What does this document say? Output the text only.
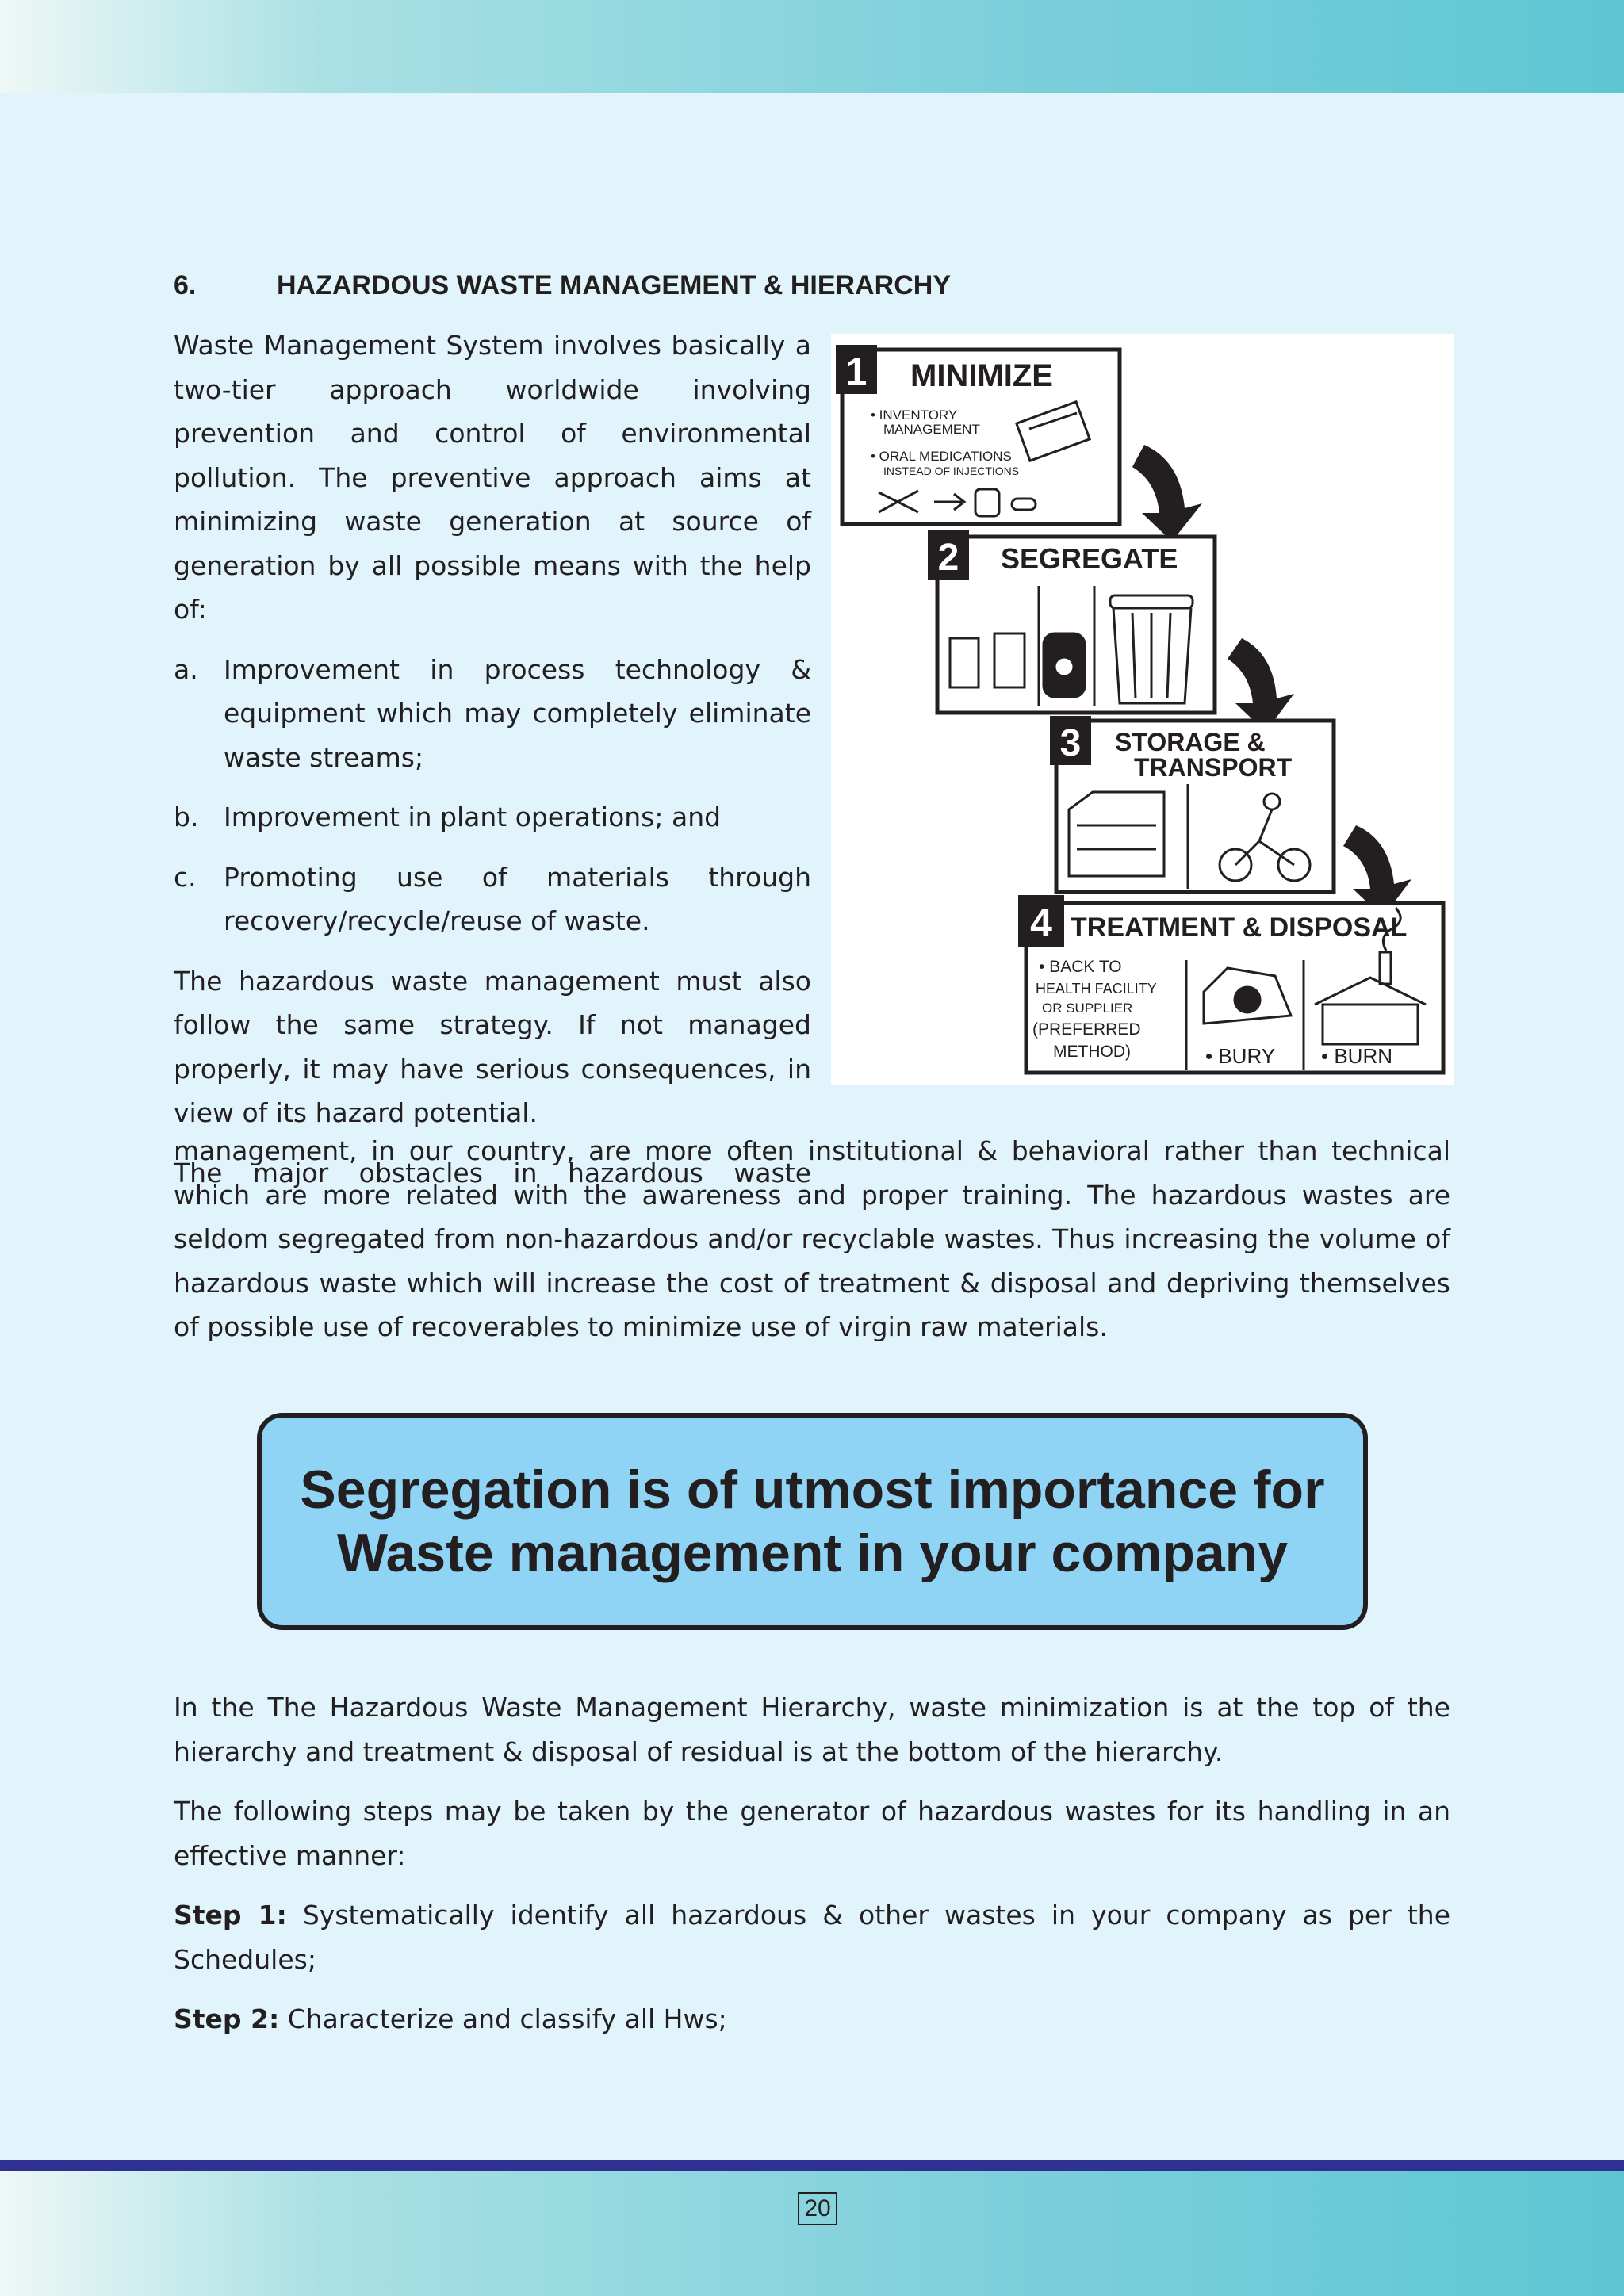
6.	HAZARDOUS WASTE MANAGEMENT & HIERARCHY

Waste Management System involves basically a two-tier approach worldwide involving prevention and control of environmental pollution. The preventive approach aims at minimizing waste generation at source of generation by all possible means with the help of:

a. Improvement in process technology & equipment which may completely eliminate waste streams;
b. Improvement in plant operations; and
c.	Promoting use of materials through recovery/recycle/reuse of waste.

The hazardous waste management must also follow the same strategy. If not managed properly, it may have serious consequences, in view of its hazard potential.

The major obstacles in hazardous waste

management, in our country, are more often institutional & behavioral rather than technical which are more related with the awareness and proper training. The hazardous wastes are seldom segregated from non-hazardous and/or recyclable wastes. Thus increasing the volume of hazardous waste which will increase the cost of treatment & disposal and depriving themselves of possible use of recoverables to minimize use of virgin raw materials.
1 MINIMIZE
• INVENTORY
MANAGEMENT
• ORAL MEDICATIONS
INSTEAD OF INJECTIONS
2 SEGREGATE
3 STORAGE &
TRANSPORT
4 TREATMENT & DISPOSAL
• BACK TO
HEALTH FACILITY
OR SUPPLIER
(PREFERRED
METHOD)	• BURY • BURN
Segregation is of utmost importance for
Waste management in your company

In the The Hazardous Waste Management Hierarchy, waste minimization is at the top of the hierarchy and treatment & disposal of residual is at the bottom of the hierarchy.

The following steps may be taken by the generator of hazardous wastes for its handling in an effective manner:

Step 1: Systematically identify all hazardous & other wastes in your company as per the Schedules;

Step 2: Characterize and classify all Hws;

20
